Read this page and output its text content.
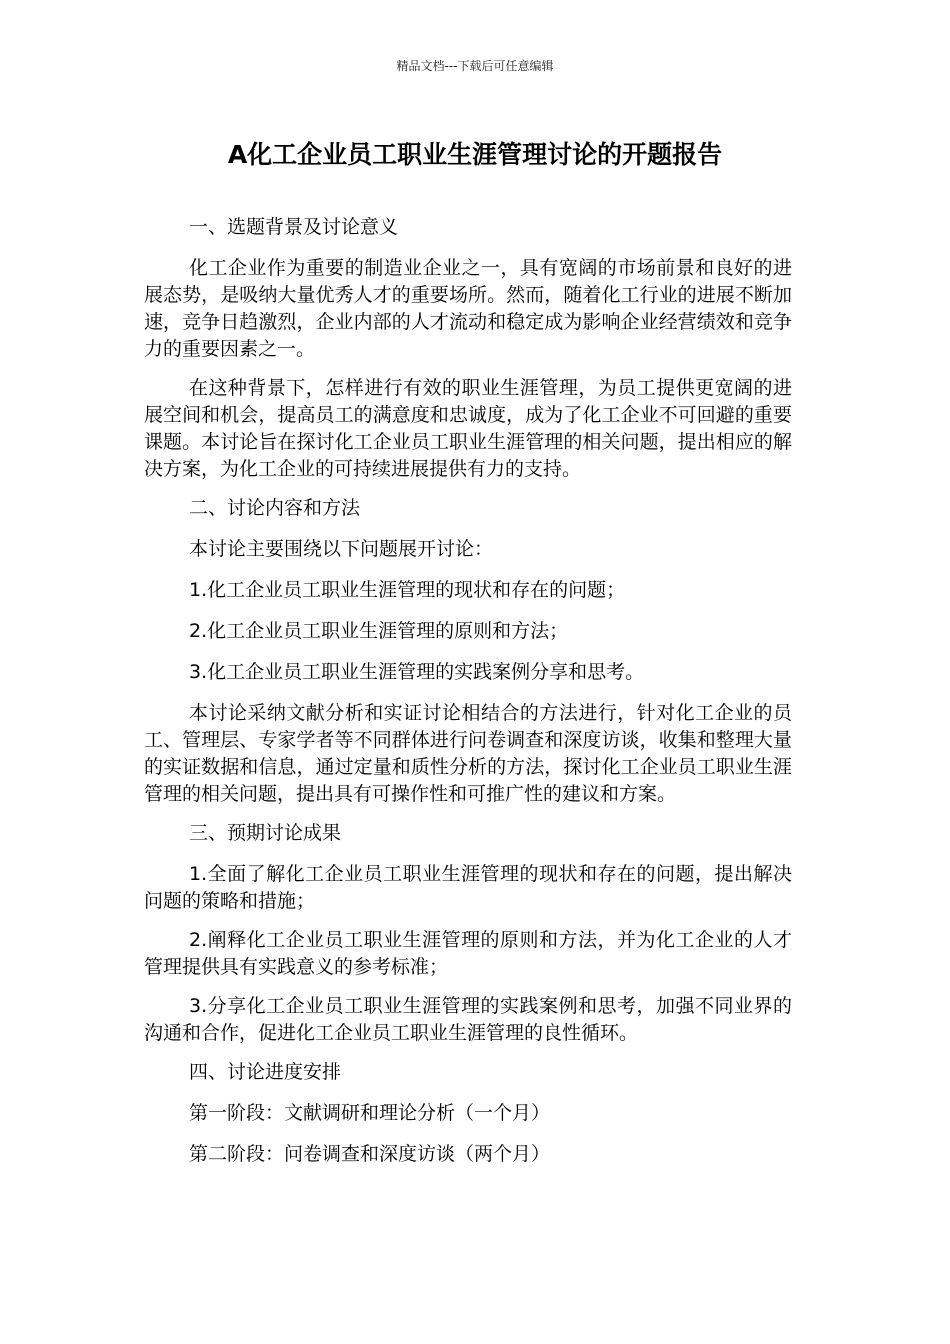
精品文档---下载后可任意编辑
A化工企业员工职业生涯管理讨论的开题报告

一、选题背景及讨论意义

化工企业作为重要的制造业企业之一，具有宽阔的市场前景和良好的进展态势，是吸纳大量优秀人才的重要场所。然而，随着化工行业的进展不断加速，竞争日趋激烈，企业内部的人才流动和稳定成为影响企业经营绩效和竞争力的重要因素之一。

在这种背景下，怎样进行有效的职业生涯管理，为员工提供更宽阔的进展空间和机会，提高员工的满意度和忠诚度，成为了化工企业不可回避的重要课题。本讨论旨在探讨化工企业员工职业生涯管理的相关问题，提出相应的解决方案，为化工企业的可持续进展提供有力的支持。

二、讨论内容和方法

本讨论主要围绕以下问题展开讨论：

1.化工企业员工职业生涯管理的现状和存在的问题；

2.化工企业员工职业生涯管理的原则和方法；

3.化工企业员工职业生涯管理的实践案例分享和思考。

本讨论采纳文献分析和实证讨论相结合的方法进行，针对化工企业的员工、管理层、专家学者等不同群体进行问卷调查和深度访谈，收集和整理大量的实证数据和信息，通过定量和质性分析的方法，探讨化工企业员工职业生涯管理的相关问题，提出具有可操作性和可推广性的建议和方案。

三、预期讨论成果

1.全面了解化工企业员工职业生涯管理的现状和存在的问题，提出解决问题的策略和措施；

2.阐释化工企业员工职业生涯管理的原则和方法，并为化工企业的人才管理提供具有实践意义的参考标准；

3.分享化工企业员工职业生涯管理的实践案例和思考，加强不同业界的沟通和合作，促进化工企业员工职业生涯管理的良性循环。

四、讨论进度安排

第一阶段：文献调研和理论分析（一个月）

第二阶段：问卷调查和深度访谈（两个月）
